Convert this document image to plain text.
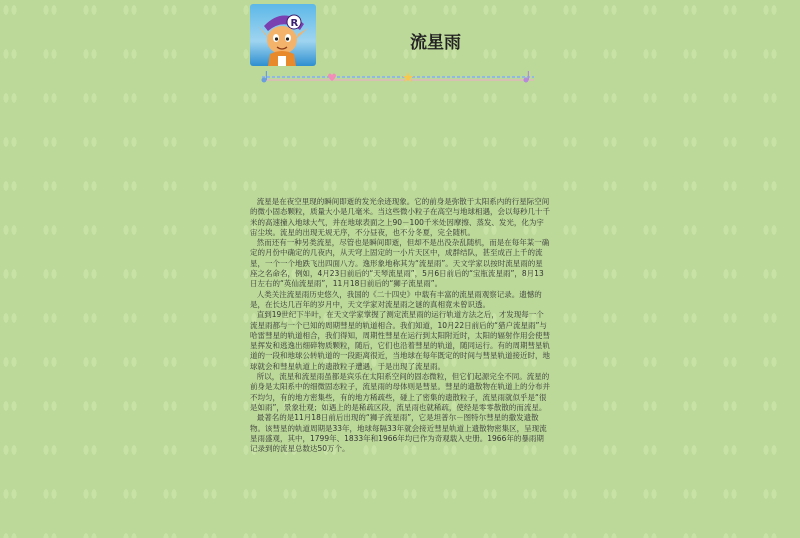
R
流星雨

流星是在夜空里现的瞬间即逝的发光余迹现象。它的前身是弥散于太阳系内的行星际空间的微小固态颗粒，质量大小是几毫米。当这些微小粒子在高空与地球相遇，会以每秒几十千米的高速撞入地球大气，并在地球表面之上90－100千米处因摩擦、蒸发、发光，化为宇宙尘埃。流星的出现无规无序，不分昼夜，也不分冬夏，完全随机。

然而还有一种另类流星，尽管也是瞬间即逝，但却不是出没杂乱随机，而是在每年某一确定的月份中确定的几夜内，从天穹上固定的一小片天区中，成群结队，甚至成百上千的流星，一个一个地跌飞出四面八方。逸形象地称其为“流星雨”。天文学家以按时流星雨的星座之名命名，例如，4月23日前后的“天琴流星雨”，5月6日前后的“宝瓶流星雨”，8月13日左右的“英仙流星雨”，11月18日前后的“狮子流星雨”。

人类关注流星雨历史悠久，我国的《二十四史》中载有丰富的流星雨观察记录。遗憾的是，在长达几百年的岁月中，天文学家对流星雨之谜的真相竟未曾识透。

直到19世纪下半叶，在天文学家掌握了测定流星雨的运行轨道方法之后，才发现每一个流星雨都与一个已知的周期彗星的轨道相合。我们知道，10月22日前后的“猎户流星雨”与哈雷彗星的轨道相合，我们得知，周期性彗星在运行到太阳附近时，太阳的辐射作用会使彗星挥发和逃逸出细碎物质颗粒，随后，它们也沿着彗星的轨道，随同运行。有的周期彗星轨道的一段和地球公转轨道的一段距离很近，当地球在每年既定的时间与彗星轨道接近时，地球就会和彗星轨道上的遗散粒子遭遇，于是出现了流星雨。

所以，流星和流星雨虽都是宾乐在太阳系空间的固态微粒，但它们起源完全不同。流星的前身是太阳系中的细微固态粒子，流星雨的母体则是彗星。彗星的遗散物在轨道上的分布并不均匀，有的地方密集些，有的地方稀疏些，碰上了密集的遗散粒子，流星雨就似乎是“很是如雨”，景象壮观；如遇上的是稀疏区段，流星雨也就稀疏，使经是零零散散的而流星。

最著名的是11月18日前后出现的“狮子流星雨”，它是坦普尔－图特尔彗星的撒发遗散物。该彗星的轨道周期是33年，地球每隔33年就会接近彗星轨道上遗散物密集区，呈现流星雨盛观，其中，1799年、1833年和1966年均已作为奇观载入史册。1966年的暴雨期记录到的流星总数达50万个。
